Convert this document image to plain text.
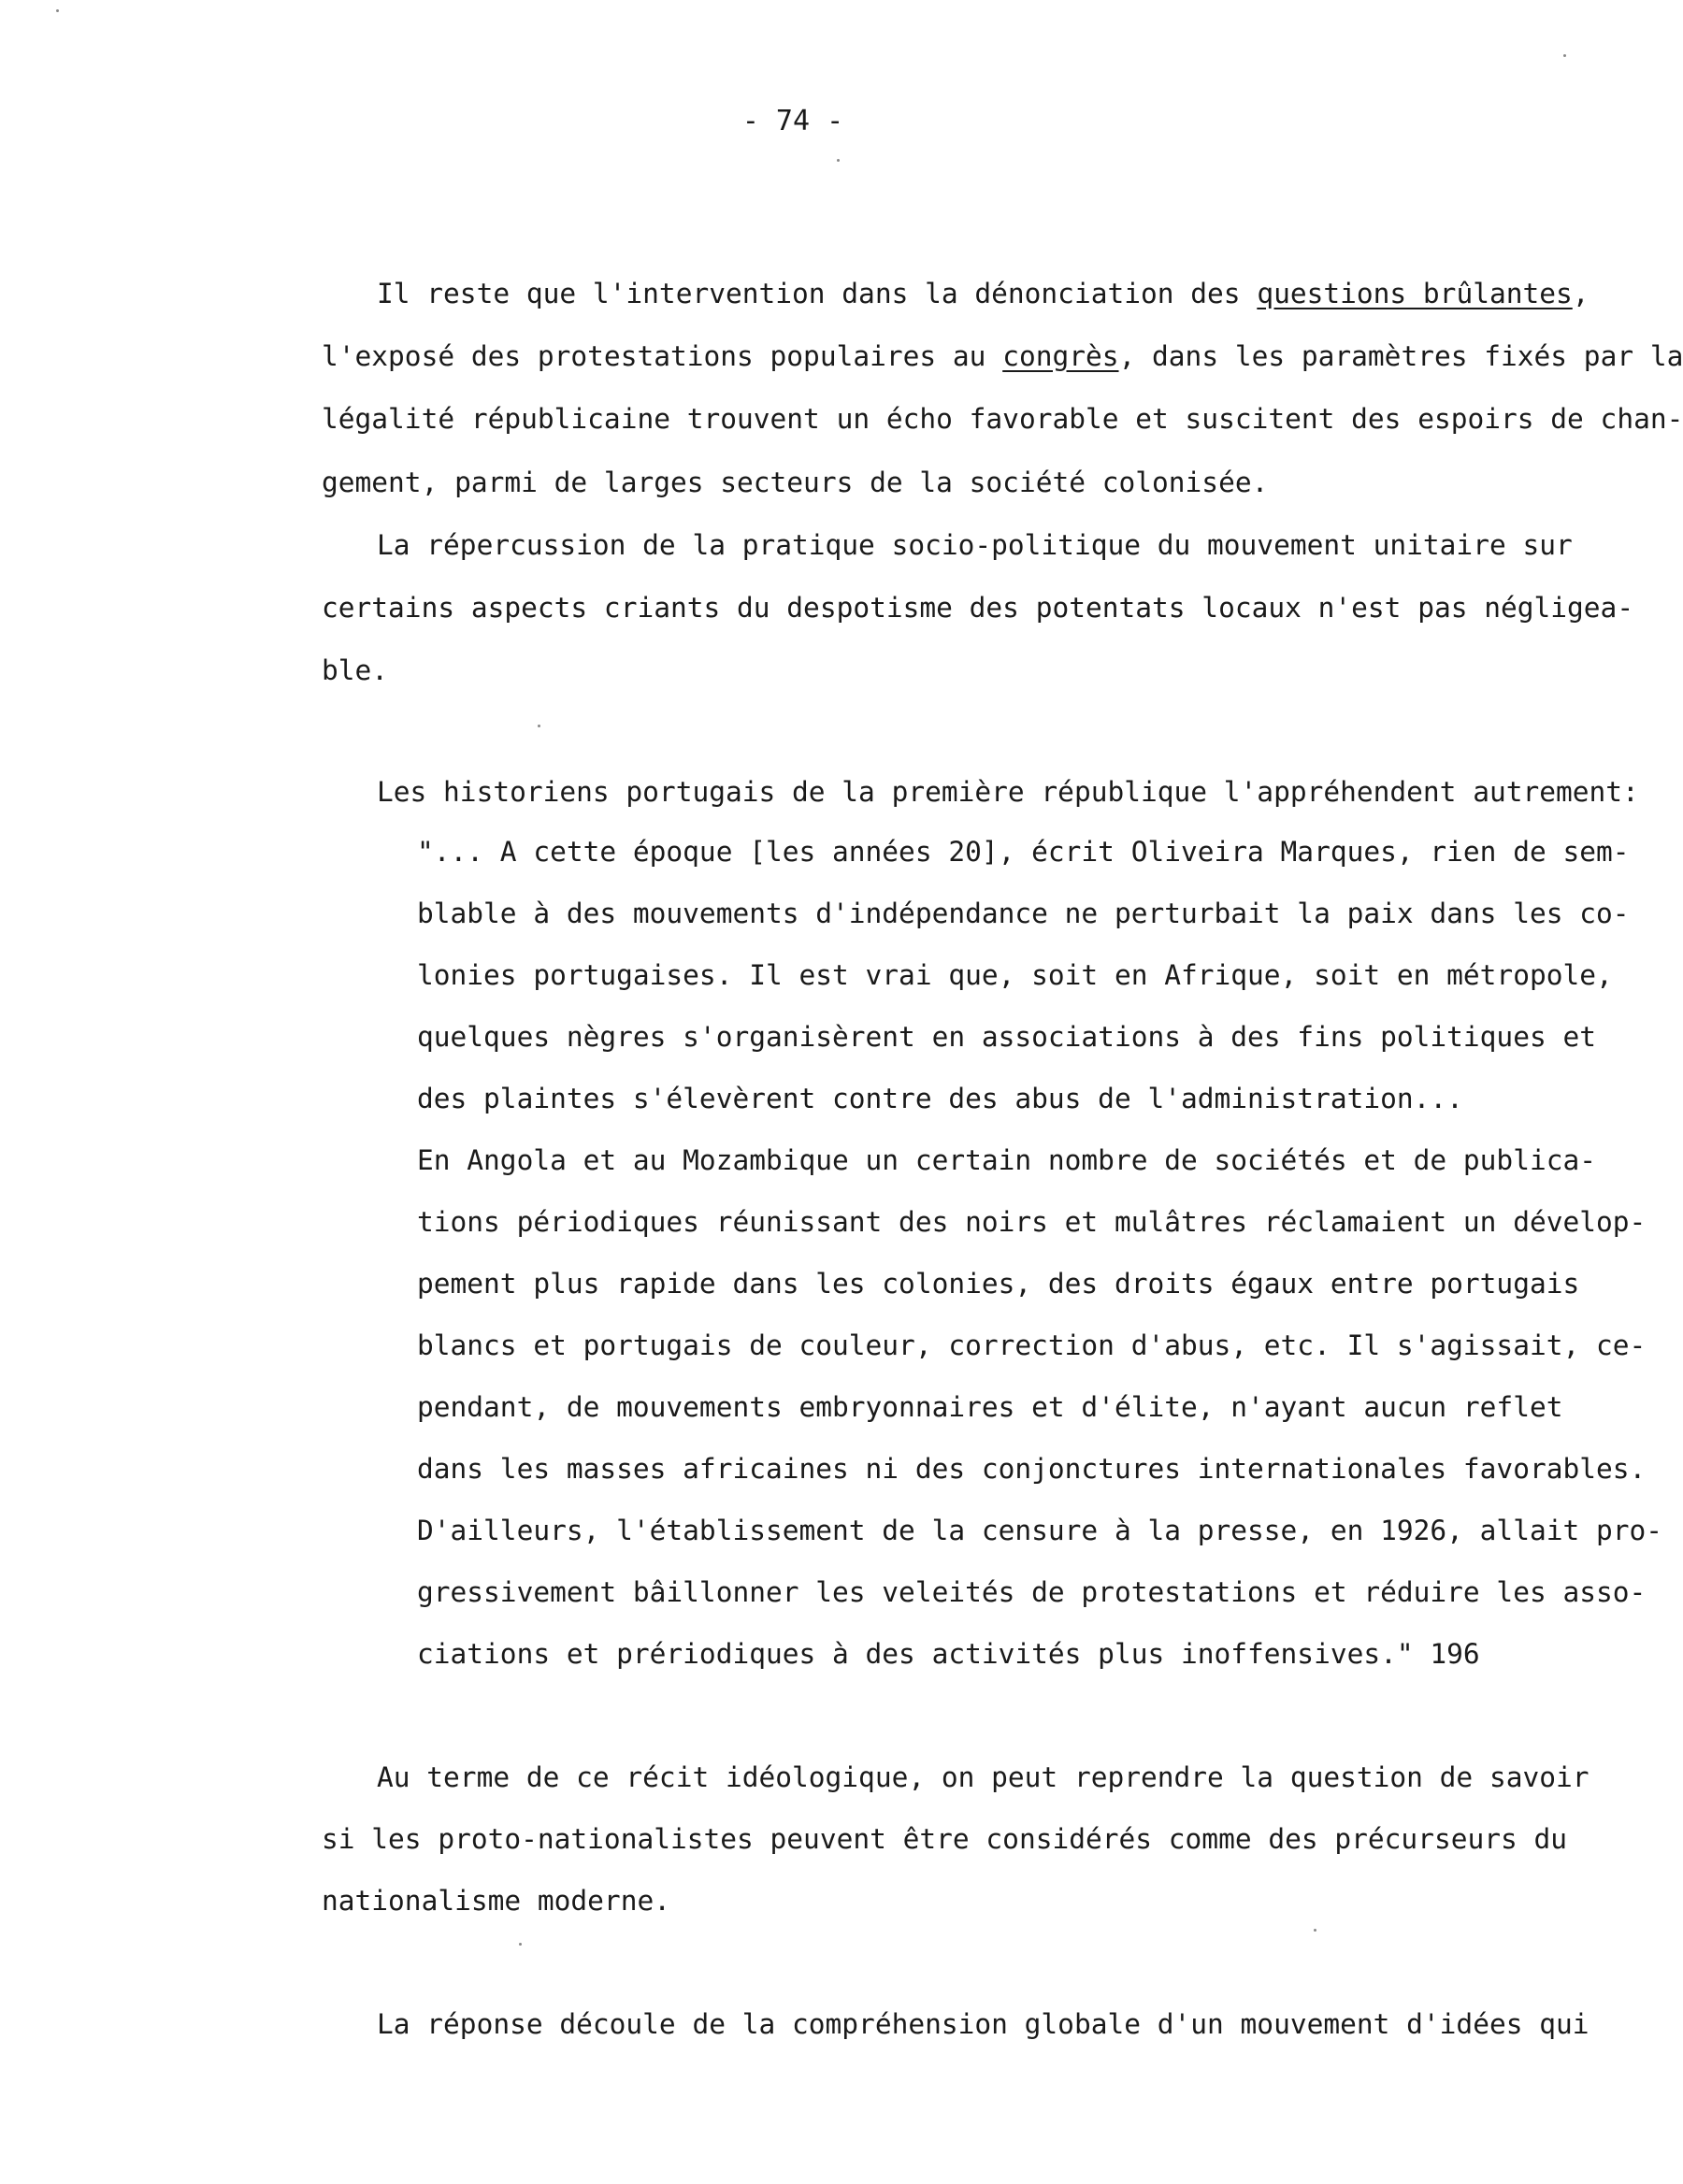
- 74 -
Il reste que l'intervention dans la dénonciation des questions brûlantes,
l'exposé des protestations populaires au congrès, dans les paramètres fixés par la
légalité républicaine trouvent un écho favorable et suscitent des espoirs de chan-
gement, parmi de larges secteurs de la société colonisée.
La répercussion de la pratique socio-politique du mouvement unitaire sur
certains aspects criants du despotisme des potentats locaux n'est pas négligea-
ble.
Les historiens portugais de la première république l'appréhendent autrement:
"... A cette époque [les années 20], écrit Oliveira Marques, rien de sem-
blable à des mouvements d'indépendance ne perturbait la paix dans les co-
lonies portugaises. Il est vrai que, soit en Afrique, soit en métropole,
quelques nègres s'organisèrent en associations à des fins politiques et
des plaintes s'élevèrent contre des abus de l'administration...
En Angola et au Mozambique un certain nombre de sociétés et de publica-
tions périodiques réunissant des noirs et mulâtres réclamaient un dévelop-
pement plus rapide dans les colonies, des droits égaux entre portugais
blancs et portugais de couleur, correction d'abus, etc. Il s'agissait, ce-
pendant, de mouvements embryonnaires et d'élite, n'ayant aucun reflet
dans les masses africaines ni des conjonctures internationales favorables.
D'ailleurs, l'établissement de la censure à la presse, en 1926, allait pro-
gressivement bâillonner les veleités de protestations et réduire les asso-
ciations et prériodiques à des activités plus inoffensives." 196
Au terme de ce récit idéologique, on peut reprendre la question de savoir
si les proto-nationalistes peuvent être considérés comme des précurseurs du
nationalisme moderne.
La réponse découle de la compréhension globale d'un mouvement d'idées qui
